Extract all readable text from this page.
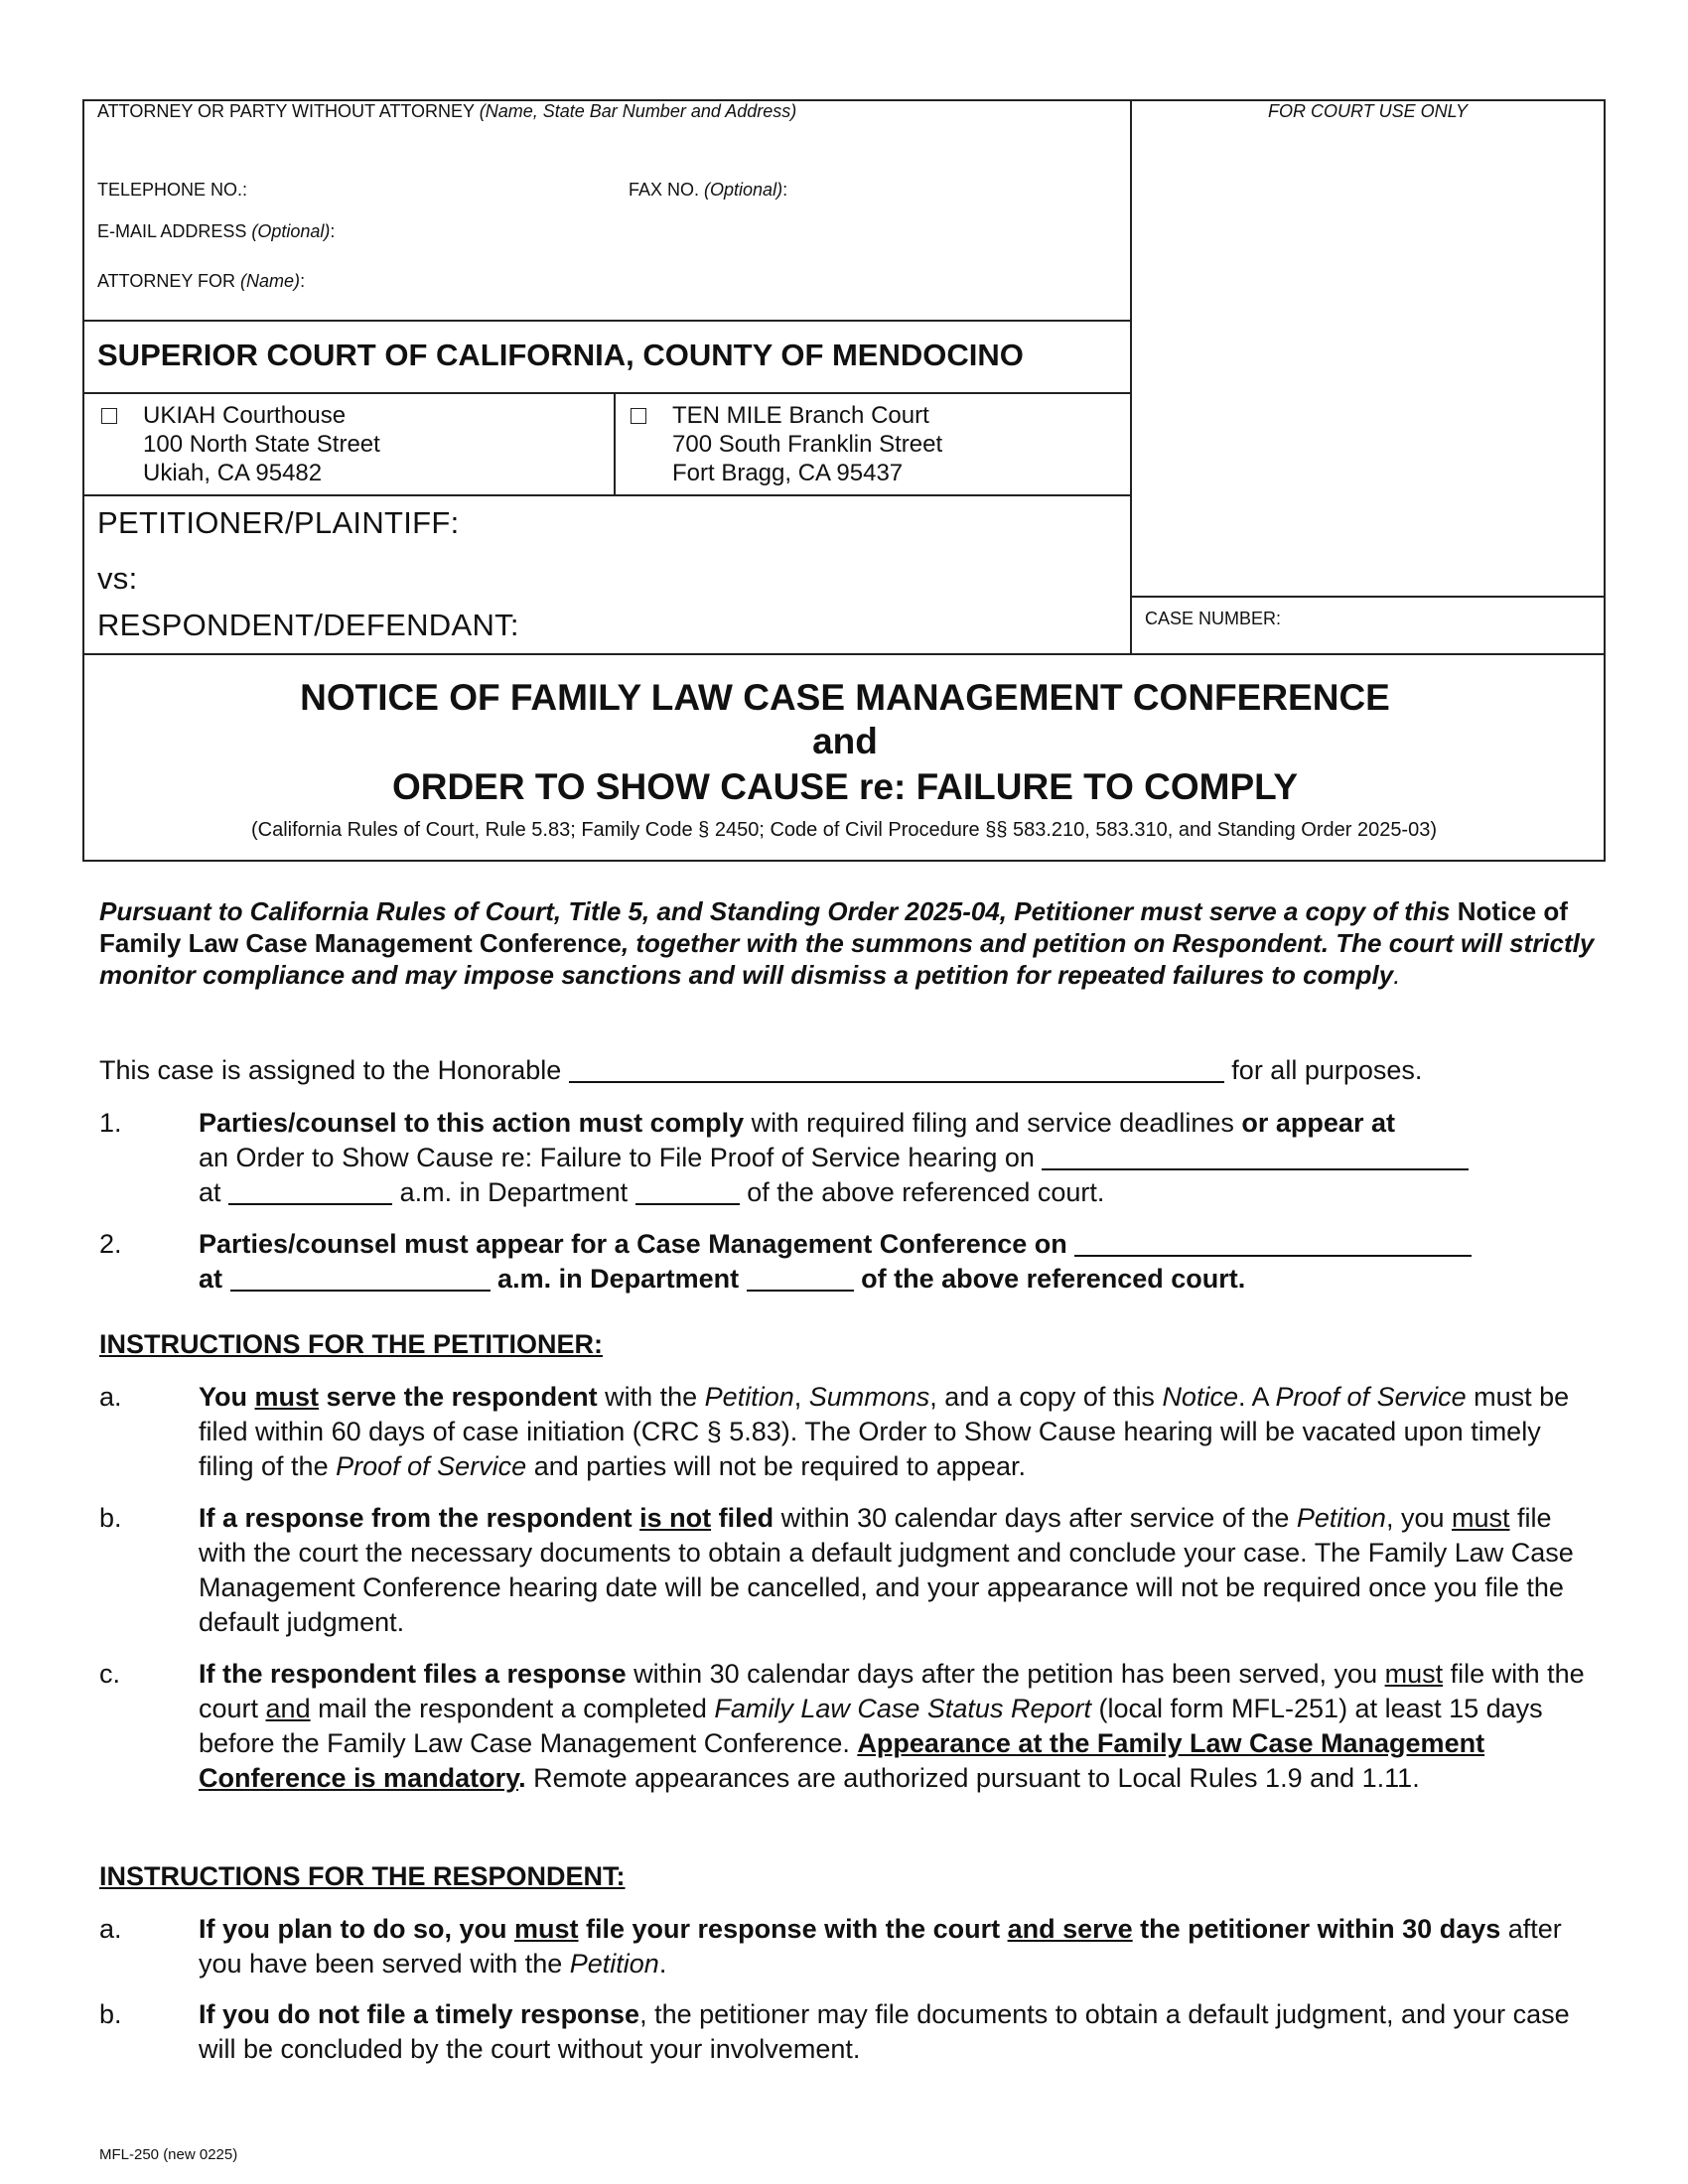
ATTORNEY OR PARTY WITHOUT ATTORNEY (Name, State Bar Number and Address)	FOR COURT USE ONLY
TELEPHONE NO.:	FAX NO. (Optional):
E-MAIL ADDRESS (Optional):
ATTORNEY FOR (Name):
SUPERIOR COURT OF CALIFORNIA, COUNTY OF MENDOCINO
UKIAH Courthouse
100 North State Street
Ukiah, CA 95482
TEN MILE Branch Court
700 South Franklin Street
Fort Bragg, CA 95437
PETITIONER/PLAINTIFF:
vs:
RESPONDENT/DEFENDANT:	CASE NUMBER:
NOTICE OF FAMILY LAW CASE MANAGEMENT CONFERENCE
and
ORDER TO SHOW CAUSE re: FAILURE TO COMPLY
(California Rules of Court, Rule 5.83; Family Code § 2450; Code of Civil Procedure §§ 583.210, 583.310, and Standing Order 2025-03)
Pursuant to California Rules of Court, Title 5, and Standing Order 2025-04, Petitioner must serve a copy of this Notice of Family Law Case Management Conference, together with the summons and petition on Respondent. The court will strictly monitor compliance and may impose sanctions and will dismiss a petition for repeated failures to comply.
This case is assigned to the Honorable	for all purposes.
1.	Parties/counsel to this action must comply with required filing and service deadlines or appear at
an Order to Show Cause re: Failure to File Proof of Service hearing on
at	a.m. in Department	of the above referenced court.
2.	Parties/counsel must appear for a Case Management Conference on
at	a.m. in Department	of the above referenced court.
INSTRUCTIONS FOR THE PETITIONER:
a.	You must serve the respondent with the Petition, Summons, and a copy of this Notice. A Proof of Service must be filed within 60 days of case initiation (CRC § 5.83). The Order to Show Cause hearing will be vacated upon timely filing of the Proof of Service and parties will not be required to appear.
b.	If a response from the respondent is not filed within 30 calendar days after service of the Petition, you must file with the court the necessary documents to obtain a default judgment and conclude your case. The Family Law Case Management Conference hearing date will be cancelled, and your appearance will not be required once you file the default judgment.
c.	If the respondent files a response within 30 calendar days after the petition has been served, you must file with the court and mail the respondent a completed Family Law Case Status Report (local form MFL-251) at least 15 days before the Family Law Case Management Conference. Appearance at the Family Law Case Management Conference is mandatory. Remote appearances are authorized pursuant to Local Rules 1.9 and 1.11.
INSTRUCTIONS FOR THE RESPONDENT:
a.	If you plan to do so, you must file your response with the court and serve the petitioner within 30 days after you have been served with the Petition.
b.	If you do not file a timely response, the petitioner may file documents to obtain a default judgment, and your case will be concluded by the court without your involvement.
MFL-250 (new 0225)
